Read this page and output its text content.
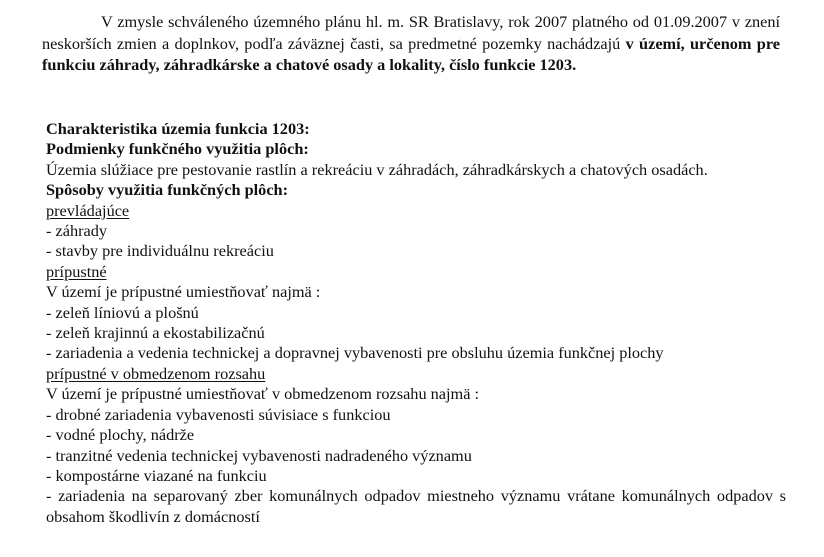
V zmysle schváleného územného plánu hl. m. SR Bratislavy, rok 2007 platného od 01.09.2007 v znení neskorších zmien a doplnkov, podľa záväznej časti, sa predmetné pozemky nachádzajú v území, určenom pre funkciu záhrady, záhradkárske a chatové osady a lokality, číslo funkcie 1203.

Charakteristika územia funkcia 1203:
Podmienky funkčného využitia plôch:
Územia slúžiace pre pestovanie rastlín a rekreáciu v záhradách, záhradkárskych a chatových osadách.
Spôsoby využitia funkčných plôch:
prevládajúce
- záhrady
- stavby pre individuálnu rekreáciu
prípustné
V území je prípustné umiestňovať najmä :
- zeleň líniovú a plošnú
- zeleň krajinnú a ekostabilizačnú
- zariadenia a vedenia technickej a dopravnej vybavenosti pre obsluhu územia funkčnej plochy
prípustné v obmedzenom rozsahu
V území je prípustné umiestňovať v obmedzenom rozsahu najmä :
- drobné zariadenia vybavenosti súvisiace s funkciou
- vodné plochy, nádrže
- tranzitné vedenia technickej vybavenosti nadradeného významu
- kompostárne viazané na funkciu
- zariadenia na separovaný zber komunálnych odpadov miestneho významu vrátane komunálnych odpadov s obsahom škodlivín z domácností
